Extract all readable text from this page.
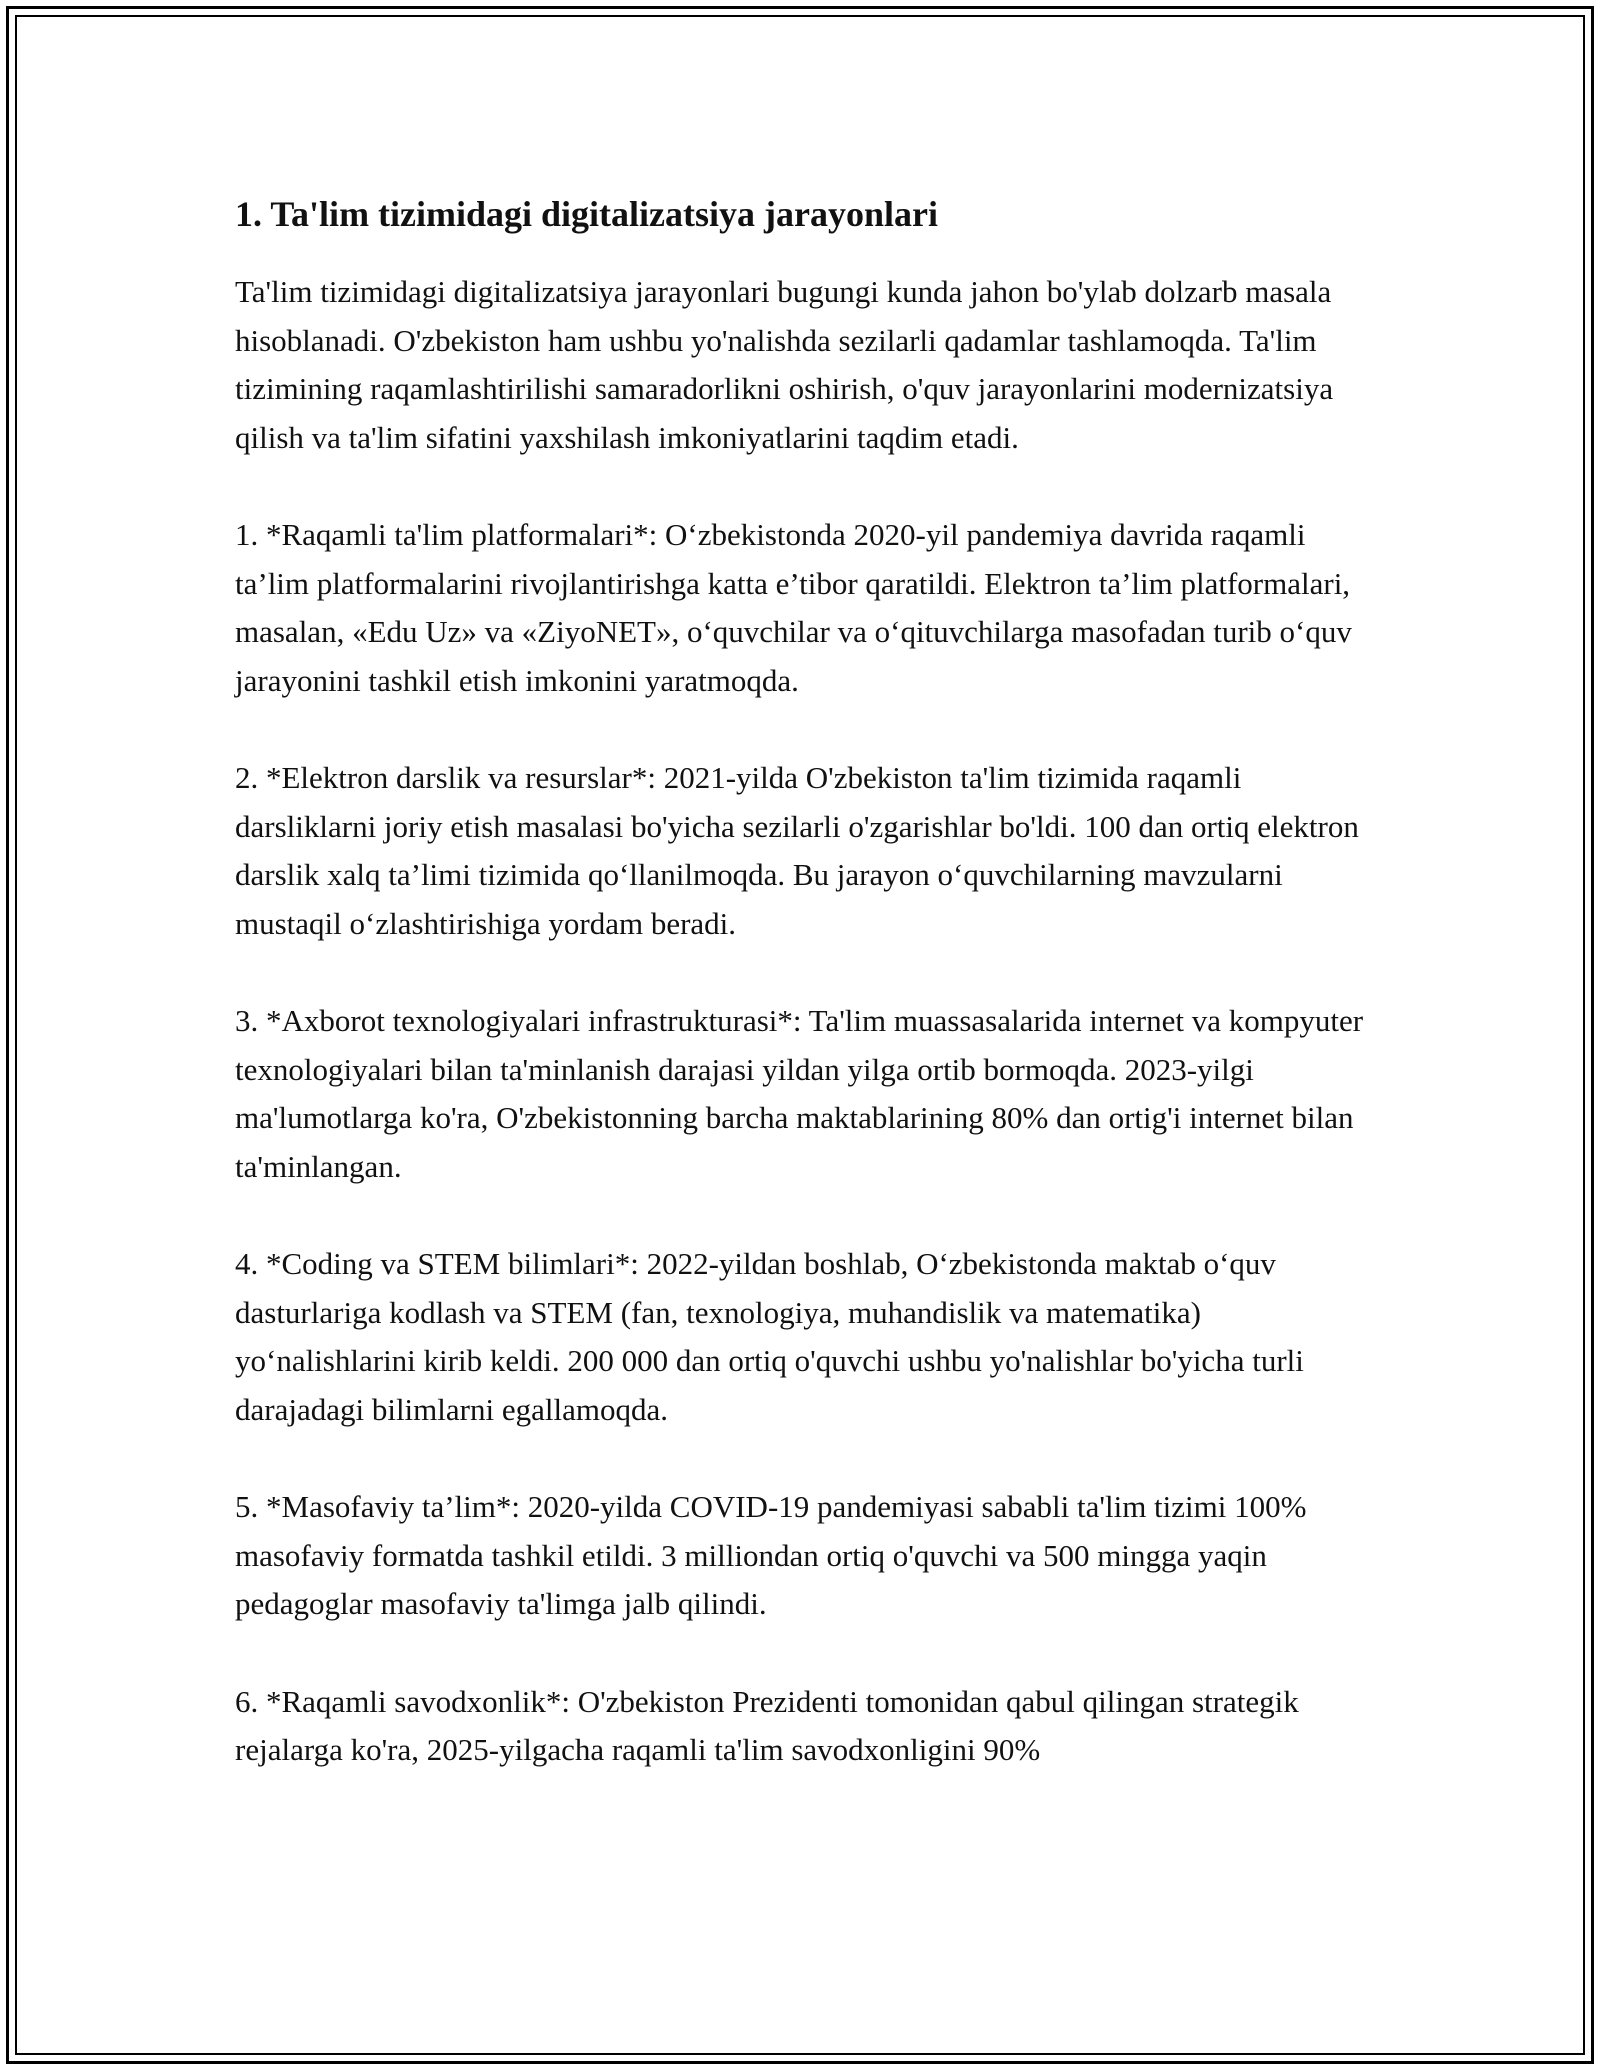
1. Ta'lim tizimidagi digitalizatsiya jarayonlari

Ta'lim tizimidagi digitalizatsiya jarayonlari bugungi kunda jahon bo'ylab dolzarb masala hisoblanadi. O'zbekiston ham ushbu yo'nalishda sezilarli qadamlar tashlamoqda. Ta'lim tizimining raqamlashtirilishi samaradorlikni oshirish, o'quv jarayonlarini modernizatsiya qilish va ta'lim sifatini yaxshilash imkoniyatlarini taqdim etadi.

1. *Raqamli ta'lim platformalari*: O‘zbekistonda 2020-yil pandemiya davrida raqamli ta’lim platformalarini rivojlantirishga katta e’tibor qaratildi. Elektron ta’lim platformalari, masalan, «Edu Uz» va «ZiyoNET», o‘quvchilar va o‘qituvchilarga masofadan turib o‘quv jarayonini tashkil etish imkonini yaratmoqda.

2. *Elektron darslik va resurslar*: 2021-yilda O'zbekiston ta'lim tizimida raqamli darsliklarni joriy etish masalasi bo'yicha sezilarli o'zgarishlar bo'ldi. 100 dan ortiq elektron darslik xalq ta’limi tizimida qo‘llanilmoqda. Bu jarayon o‘quvchilarning mavzularni mustaqil o‘zlashtirishiga yordam beradi.

3. *Axborot texnologiyalari infrastrukturasi*: Ta'lim muassasalarida internet va kompyuter texnologiyalari bilan ta'minlanish darajasi yildan yilga ortib bormoqda. 2023-yilgi ma'lumotlarga ko'ra, O'zbekistonning barcha maktablarining 80% dan ortig'i internet bilan ta'minlangan.

4. *Coding va STEM bilimlari*: 2022-yildan boshlab, O‘zbekistonda maktab o‘quv dasturlariga kodlash va STEM (fan, texnologiya, muhandislik va matematika) yo‘nalishlarini kirib keldi. 200 000 dan ortiq o'quvchi ushbu yo'nalishlar bo'yicha turli darajadagi bilimlarni egallamoqda.

5. *Masofaviy ta’lim*: 2020-yilda COVID-19 pandemiyasi sababli ta'lim tizimi 100% masofaviy formatda tashkil etildi. 3 milliondan ortiq o'quvchi va 500 mingga yaqin pedagoglar masofaviy ta'limga jalb qilindi.

6. *Raqamli savodxonlik*: O'zbekiston Prezidenti tomonidan qabul qilingan strategik rejalarga ko'ra, 2025-yilgacha raqamli ta'lim savodxonligini 90%
